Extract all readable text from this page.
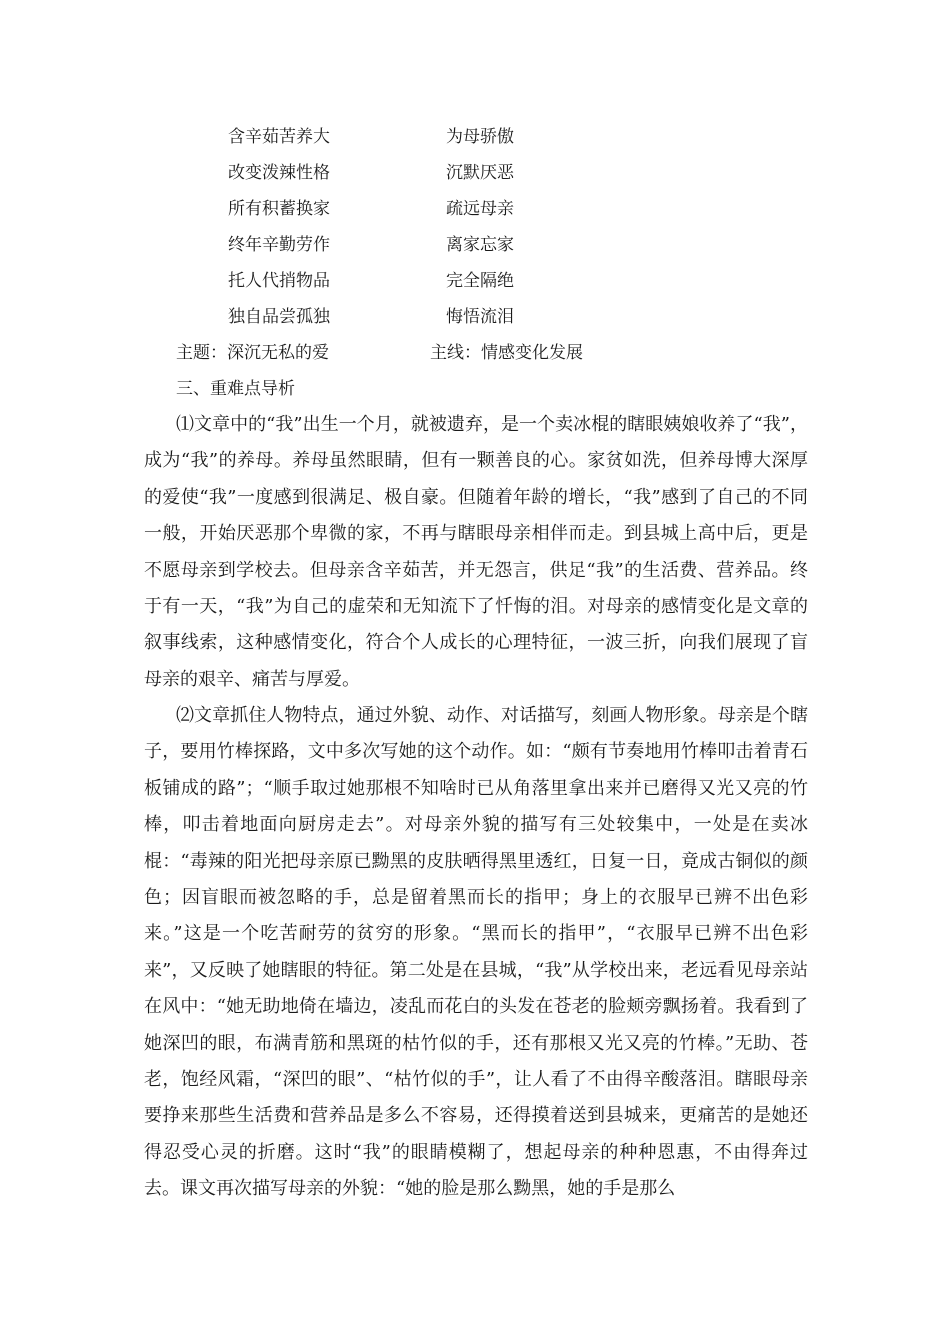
含辛茹苦养大	为母骄傲
改变泼辣性格	沉默厌恶
所有积蓄换家	疏远母亲
终年辛勤劳作	离家忘家
托人代捎物品	完全隔绝
独自品尝孤独	悔悟流泪
主题：深沉无私的爱	主线：情感变化发展
三、重难点导析

⑴文章中的“我”出生一个月，就被遗弃，是一个卖冰棍的瞎眼姨娘收养了“我”，成为“我”的养母。养母虽然眼睛，但有一颗善良的心。家贫如洗，但养母博大深厚的爱使“我”一度感到很满足、极自豪。但随着年龄的增长，“我”感到了自己的不同一般，开始厌恶那个卑微的家，不再与瞎眼母亲相伴而走。到县城上高中后，更是不愿母亲到学校去。但母亲含辛茹苦，并无怨言，供足“我”的生活费、营养品。终于有一天，“我”为自己的虚荣和无知流下了忏悔的泪。对母亲的感情变化是文章的叙事线索，这种感情变化，符合个人成长的心理特征，一波三折，向我们展现了盲母亲的艰辛、痛苦与厚爱。

⑵文章抓住人物特点，通过外貌、动作、对话描写，刻画人物形象。母亲是个瞎子，要用竹棒探路，文中多次写她的这个动作。如：“颇有节奏地用竹棒叩击着青石板铺成的路”；“顺手取过她那根不知啥时已从角落里拿出来并已磨得又光又亮的竹棒，叩击着地面向厨房走去”。对母亲外貌的描写有三处较集中，一处是在卖冰棍：“毒辣的阳光把母亲原已黝黑的皮肤晒得黑里透红，日复一日，竟成古铜似的颜色；因盲眼而被忽略的手，总是留着黑而长的指甲；身上的衣服早已辨不出色彩来。”这是一个吃苦耐劳的贫穷的形象。“黑而长的指甲”，“衣服早已辨不出色彩来”，又反映了她瞎眼的特征。第二处是在县城，“我”从学校出来，老远看见母亲站在风中：“她无助地倚在墙边，凌乱而花白的头发在苍老的脸颊旁飘扬着。我看到了她深凹的眼，布满青筋和黑斑的枯竹似的手，还有那根又光又亮的竹棒。”无助、苍老，饱经风霜，“深凹的眼”、“枯竹似的手”，让人看了不由得辛酸落泪。瞎眼母亲要挣来那些生活费和营养品是多么不容易，还得摸着送到县城来，更痛苦的是她还得忍受心灵的折磨。这时“我”的眼睛模糊了，想起母亲的种种恩惠，不由得奔过去。课文再次描写母亲的外貌：“她的脸是那么黝黑，她的手是那么
